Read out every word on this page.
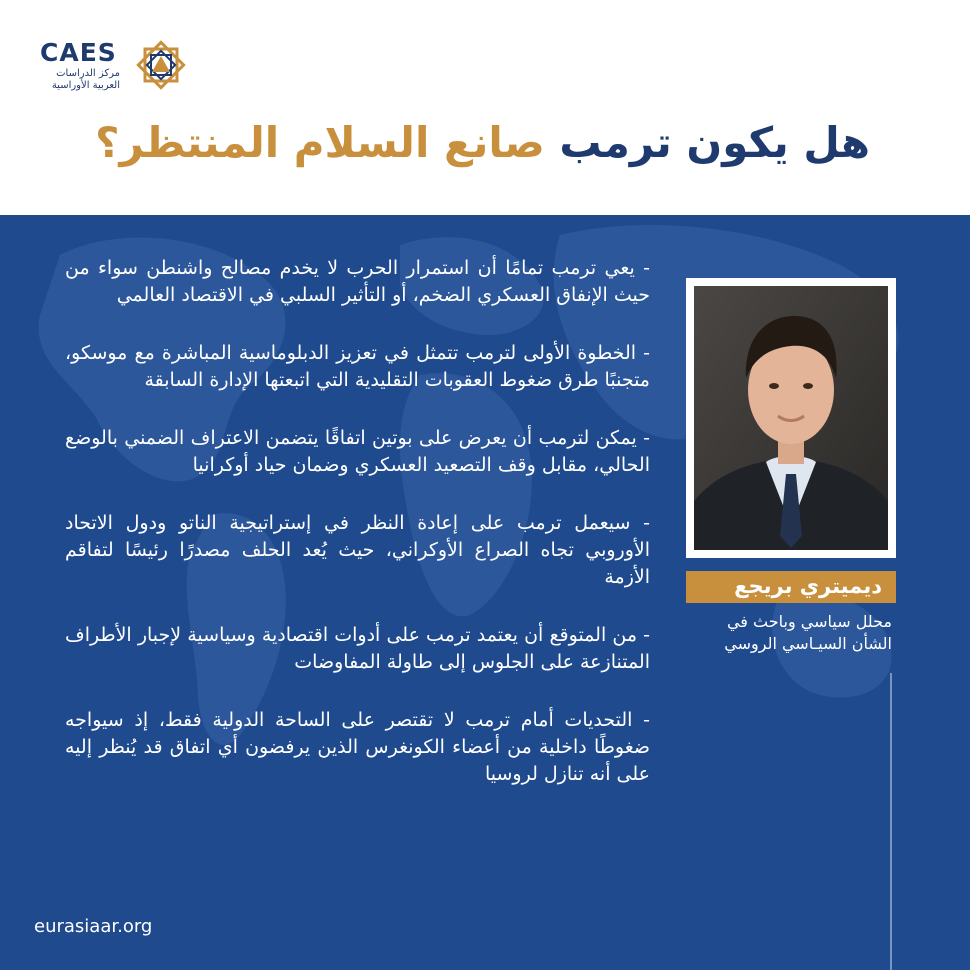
CAES
مركز الدراسات
العربية الأوراسية
هل يكون ترمب صانع السلام المنتظر؟

- يعي ترمب تمامًا أن استمرار الحرب لا يخدم مصالح واشنطن سواء من حيث الإنفاق العسكري الضخم، أو التأثير السلبي في الاقتصاد العالمي

- الخطوة الأولى لترمب تتمثل في تعزيز الدبلوماسية المباشرة مع موسكو، متجنبًا طرق ضغوط العقوبات التقليدية التي اتبعتها الإدارة السابقة

- يمكن لترمب أن يعرض على بوتين اتفاقًا يتضمن الاعتراف الضمني بالوضع الحالي، مقابل وقف التصعيد العسكري وضمان حياد أوكرانيا

- سيعمل ترمب على إعادة النظر في إستراتيجية الناتو ودول الاتحاد الأوروبي تجاه الصراع الأوكراني، حيث يُعد الحلف مصدرًا رئيسًا لتفاقم الأزمة

- من المتوقع أن يعتمد ترمب على أدوات اقتصادية وسياسية لإجبار الأطراف المتنازعة على الجلوس إلى طاولة المفاوضات

- التحديات أمام ترمب لا تقتصر على الساحة الدولية فقط، إذ سيواجه ضغوطًا داخلية من أعضاء الكونغرس الذين يرفضون أي اتفاق قد يُنظر إليه على أنه تنازل لروسيا

ديميتري بريجع
محلل سياسي وباحث في
الشأن السيـاسي الروسي
eurasiaar.org
